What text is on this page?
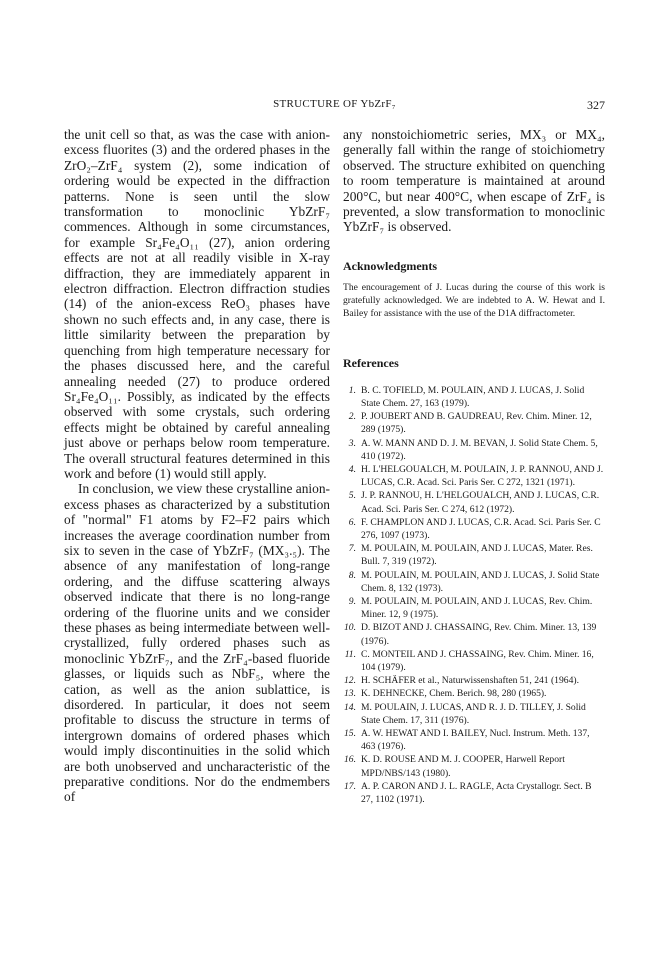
STRUCTURE OF YbZrF₇	327

the unit cell so that, as was the case with anion-excess fluorites (3) and the ordered phases in the ZrO₂–ZrF₄ system (2), some indication of ordering would be expected in the diffraction patterns. None is seen until the slow transformation to monoclinic YbZrF₇ commences. Although in some circumstances, for example Sr₄Fe₄O₁₁ (27), anion ordering effects are not at all readily visible in X-ray diffraction, they are immediately apparent in electron diffraction. Electron diffraction studies (14) of the anion-excess ReO₃ phases have shown no such effects and, in any case, there is little similarity between the preparation by quenching from high temperature necessary for the phases discussed here, and the careful annealing needed (27) to produce ordered Sr₄Fe₄O₁₁. Possibly, as indicated by the effects observed with some crystals, such ordering effects might be obtained by careful annealing just above or perhaps below room temperature. The overall structural features determined in this work and before (1) would still apply.

In conclusion, we view these crystalline anion-excess phases as characterized by a substitution of "normal" F1 atoms by F2–F2 pairs which increases the average coordination number from six to seven in the case of YbZrF₇ (MX₃.₅). The absence of any manifestation of long-range ordering, and the diffuse scattering always observed indicate that there is no long-range ordering of the fluorine units and we consider these phases as being intermediate between well-crystallized, fully ordered phases such as monoclinic YbZrF₇, and the ZrF₄-based fluoride glasses, or liquids such as NbF₅, where the cation, as well as the anion sublattice, is disordered. In particular, it does not seem profitable to discuss the structure in terms of intergrown domains of ordered phases which would imply discontinuities in the solid which are both unobserved and uncharacteristic of the preparative conditions. Nor do the endmembers of

any nonstoichiometric series, MX₃ or MX₄, generally fall within the range of stoichiometry observed. The structure exhibited on quenching to room temperature is maintained at around 200°C, but near 400°C, when escape of ZrF₄ is prevented, a slow transformation to monoclinic YbZrF₇ is observed.

Acknowledgments

The encouragement of J. Lucas during the course of this work is gratefully acknowledged. We are indebted to A. W. Hewat and I. Bailey for assistance with the use of the D1A diffractometer.

References
1. B. C. TOFIELD, M. POULAIN, AND J. LUCAS, J. Solid State Chem. 27, 163 (1979).
2. P. JOUBERT AND B. GAUDREAU, Rev. Chim. Miner. 12, 289 (1975).
3. A. W. MANN AND D. J. M. BEVAN, J. Solid State Chem. 5, 410 (1972).
4. H. L'HELGOUALCH, M. POULAIN, J. P. RANNOU, AND J. LUCAS, C.R. Acad. Sci. Paris Ser. C 272, 1321 (1971).
5. J. P. RANNOU, H. L'HELGOUALCH, AND J. LUCAS, C.R. Acad. Sci. Paris Ser. C 274, 612 (1972).
6. F. CHAMPLON AND J. LUCAS, C.R. Acad. Sci. Paris Ser. C 276, 1097 (1973).
7. M. POULAIN, M. POULAIN, AND J. LUCAS, Mater. Res. Bull. 7, 319 (1972).
8. M. POULAIN, M. POULAIN, AND J. LUCAS, J. Solid State Chem. 8, 132 (1973).
9. M. POULAIN, M. POULAIN, AND J. LUCAS, Rev. Chim. Miner. 12, 9 (1975).
10. D. BIZOT AND J. CHASSAING, Rev. Chim. Miner. 13, 139 (1976).
11. C. MONTEIL AND J. CHASSAING, Rev. Chim. Miner. 16, 104 (1979).
12. H. SCHÄFER et al., Naturwissenshaften 51, 241 (1964).
13. K. DEHNECKE, Chem. Berich. 98, 280 (1965).
14. M. POULAIN, J. LUCAS, AND R. J. D. TILLEY, J. Solid State Chem. 17, 311 (1976).
15. A. W. HEWAT AND I. BAILEY, Nucl. Instrum. Meth. 137, 463 (1976).
16. K. D. ROUSE AND M. J. COOPER, Harwell Report MPD/NBS/143 (1980).
17. A. P. CARON AND J. L. RAGLE, Acta Crystallogr. Sect. B 27, 1102 (1971).
